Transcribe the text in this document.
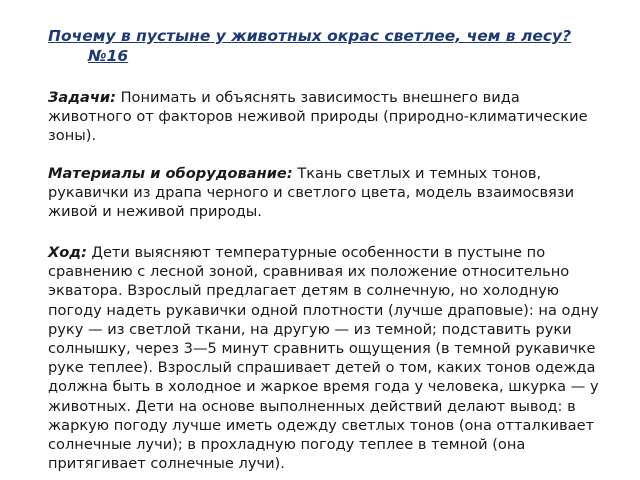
Почему в пустыне у животных окрас светлее, чем в лесу?№16

Задачи: Понимать и объяснять зависимость внешнего вида животного от факторов неживой природы (природно-климатические зоны).

Материалы и оборудование: Ткань светлых и темных тонов, рукавички из драпа черного и светлого цвета, модель взаимосвязи живой и неживой природы.

Ход: Дети выясняют температурные особенности в пустыне по сравнению с лесной зоной, сравнивая их положение относительно экватора. Взрослый предлагает детям в солнечную, но холодную погоду надеть рукавички одной плотности (лучше драповые): на одну руку — из светлой ткани, на другую — из темной; подставить руки солнышку, через 3—5 минут сравнить ощущения (в темной рукавичке руке теплее). Взрослый спрашивает детей о том, каких тонов одежда должна быть в холодное и жаркое время года у человека, шкурка — у животных. Дети на основе выполненных действий делают вывод: в жаркую погоду лучше иметь одежду светлых тонов (она отталкивает солнечные лучи); в прохладную погоду теплее в темной (она притягивает солнечные лучи).
